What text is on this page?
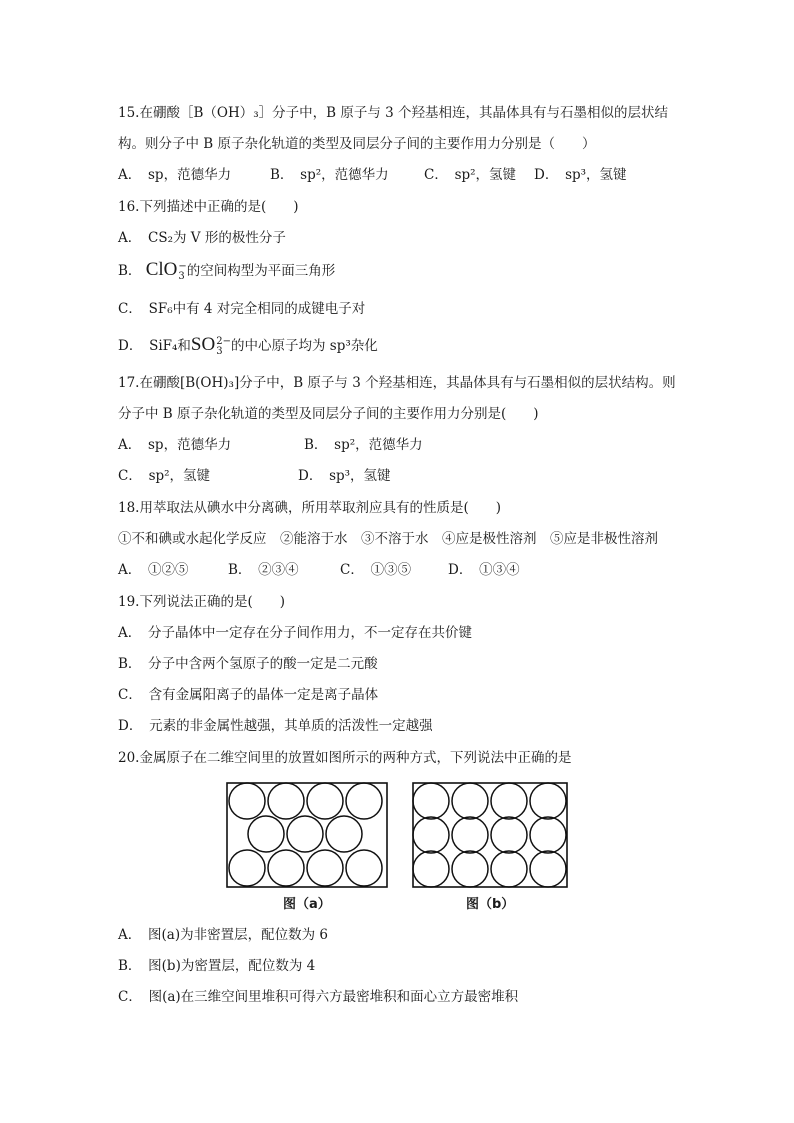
15.在硼酸［B（OH）₃］分子中，B 原子与 3 个羟基相连，其晶体具有与石墨相似的层状结
构。则分子中 B 原子杂化轨道的类型及同层分子间的主要作用力分别是（　　）
A．　sp，范德华力	B．　sp²，范德华力	C．　sp²，氢键 D．　sp³，氢键
16.下列描述中正确的是(　　)
A．　CS₂为 V 形的极性分子
B． ClO −
3 的空间构型为平面三角形
C．　SF₆中有 4 对完全相同的成键电子对
D．　SiF₄和SO 2−
3 的中心原子均为 sp³杂化
17.在硼酸[B(OH)₃]分子中，B 原子与 3 个羟基相连，其晶体具有与石墨相似的层状结构。则
分子中 B 原子杂化轨道的类型及同层分子间的主要作用力分别是(　　)
A．　sp，范德华力	B．　sp²，范德华力
C．　sp²，氢键	D．　sp³，氢键
18.用萃取法从碘水中分离碘，所用萃取剂应具有的性质是(　　)
①不和碘或水起化学反应　②能溶于水　③不溶于水　④应是极性溶剂　⑤应是非极性溶剂
A．　①②⑤	B．　②③④	C．　①③⑤	D．　①③④
19.下列说法正确的是(　　)
A．　分子晶体中一定存在分子间作用力，不一定存在共价键
B．　分子中含两个氢原子的酸一定是二元酸
C．　含有金属阳离子的晶体一定是离子晶体
D．　元素的非金属性越强，其单质的活泼性一定越强
20.金属原子在二维空间里的放置如图所示的两种方式，下列说法中正确的是
图（a）	图（b）
A．　图(a)为非密置层，配位数为 6
B．　图(b)为密置层，配位数为 4
C．　图(a)在三维空间里堆积可得六方最密堆积和面心立方最密堆积
